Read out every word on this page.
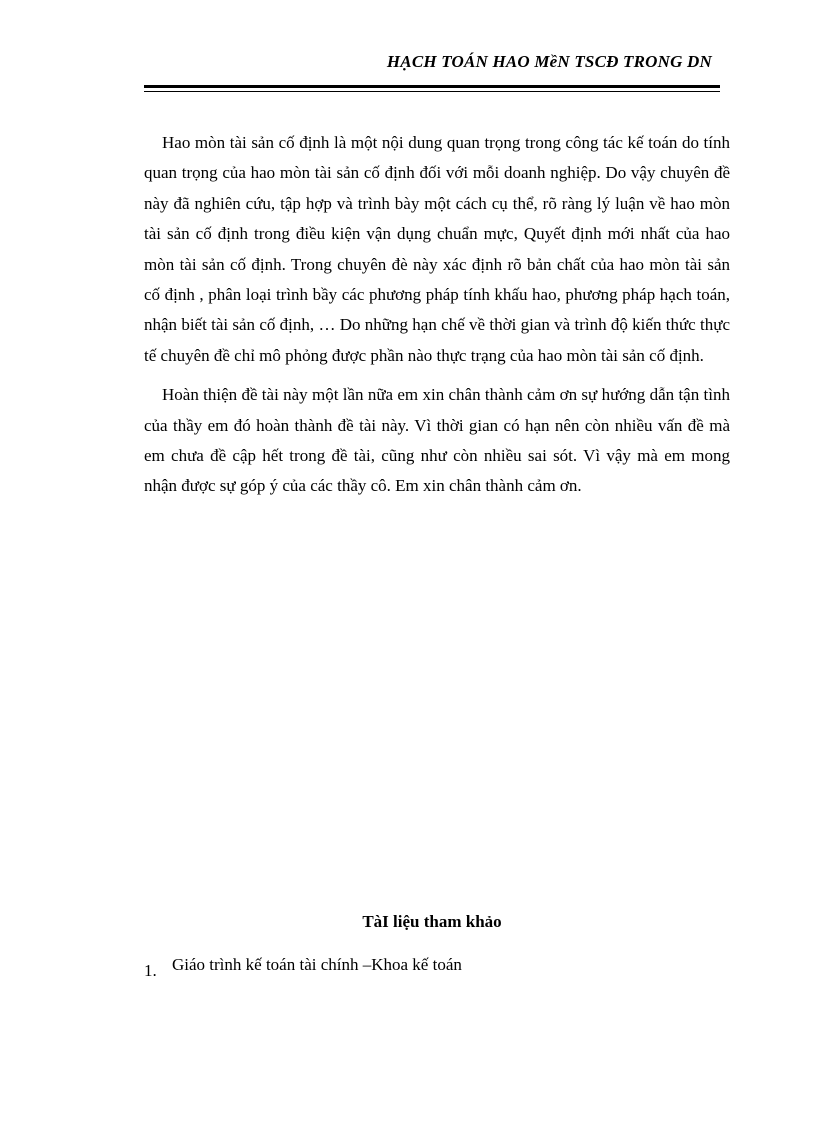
HẠCH TOÁN HAO MềN TSCĐ TRONG DN

Hao mòn tài sản cố định là một nội dung quan trọng trong công tác kế toán do tính quan trọng của hao mòn tài sản cố định đối với mỗi doanh nghiệp. Do vậy chuyên đề này đã nghiên cứu, tập hợp và trình bày một cách cụ thể, rõ ràng lý luận về hao mòn tài sản cố định trong điều kiện vận dụng chuẩn mực, Quyết định mới nhất của hao mòn tài sản cố định. Trong chuyên đè này xác định rõ bản chất của hao mòn tài sản cố định , phân loại trình bầy các phương pháp tính khấu hao, phương pháp hạch toán, nhận biết tài sản cố định, … Do những hạn chế về thời gian và trình độ kiến thức thực tế chuyên đề chỉ mô phỏng được phần nào thực trạng của hao mòn tài sản cố định.

Hoàn thiện đề tài này một lần nữa em xin chân thành cảm ơn sự hướng dẫn tận tình của thầy em đó hoàn thành đề tài này. Vì thời gian có hạn nên còn nhiều vấn đề mà em chưa đề cập hết trong đề tài, cũng như còn nhiều sai sót. Vì vậy mà em mong nhận được sự góp ý của các thầy cô. Em xin chân thành cảm ơn.

TàI liệu tham khảo
1. Giáo trình kế toán tài chính –Khoa kế toán
